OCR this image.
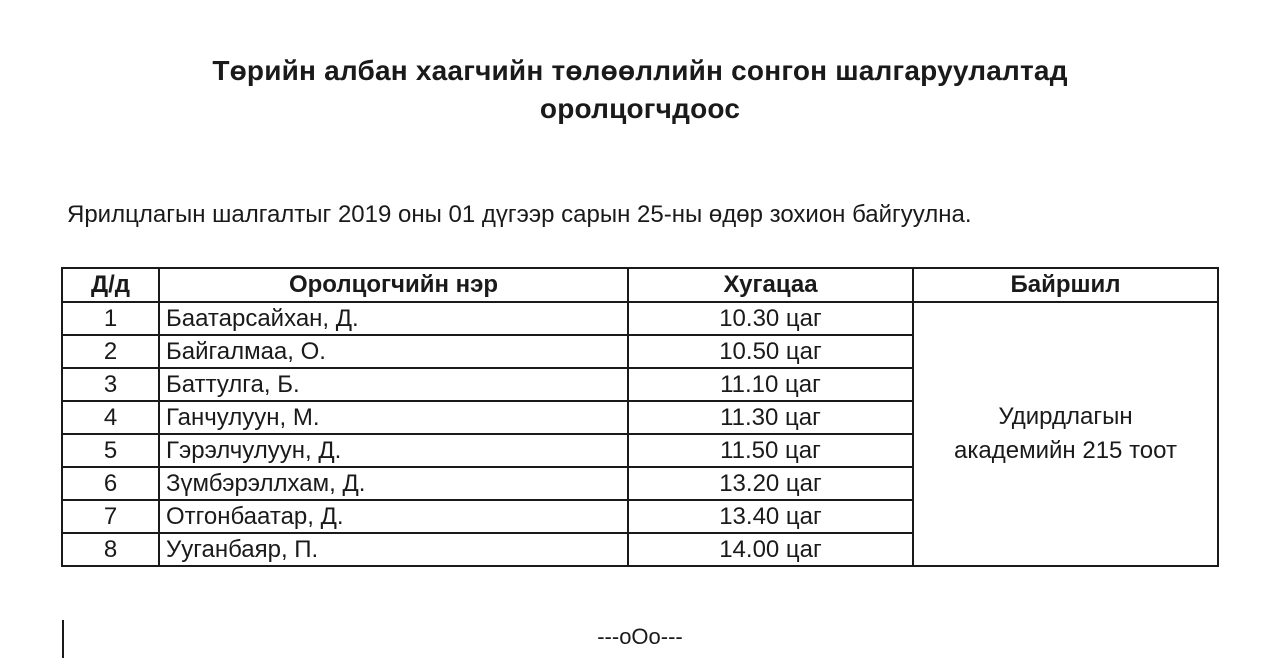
Төрийн албан хаагчийн төлөөллийн сонгон шалгаруулалтад
оролцогчдоос
Ярилцлагын шалгалтыг 2019 оны 01 дүгээр сарын 25-ны өдөр зохион байгуулна.
Д/д	Оролцогчийн нэр	Хугацаа	Байршил
1	Баатарсайхан, Д.	10.30 цаг	Удирдлагын
академийн 215 тоот

2	Байгалмаа, О.	10.50 цаг	
3	Баттулга, Б.	11.10 цаг	
4	Ганчулуун, М.	11.30 цаг	
5	Гэрэлчулуун, Д.	11.50 цаг	
6	Зүмбэрэллхам, Д.	13.20 цаг	
7	Отгонбаатар, Д.	13.40 цаг	
8	Ууганбаяр, П.	14.00 цаг	
---oOo---
